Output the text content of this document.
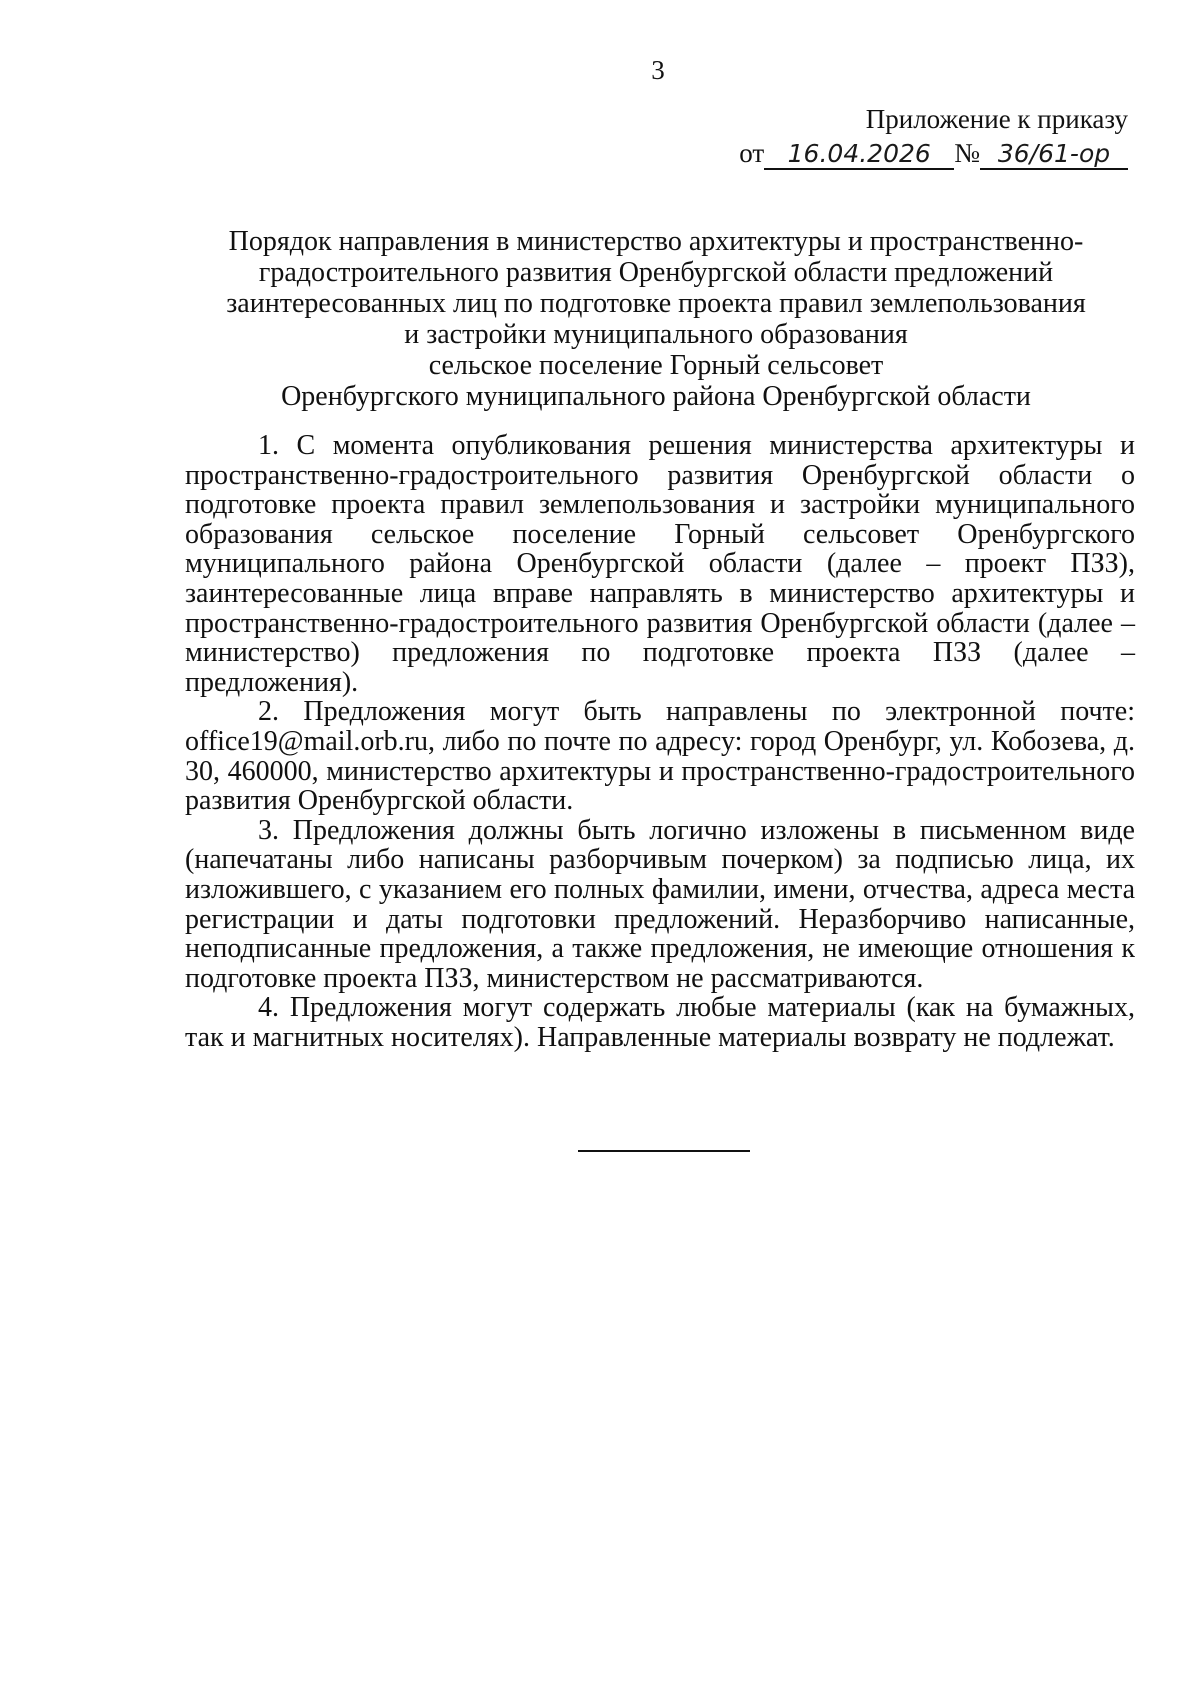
3
Приложение к приказу
от 16.04.2026 № 36/61-ор
Порядок направления в министерство архитектуры и пространственно-
градостроительного развития Оренбургской области предложений
заинтересованных лиц по подготовке проекта правил землепользования
и застройки муниципального образования
сельское поселение Горный сельсовет
Оренбургского муниципального района Оренбургской области

1. С момента опубликования решения министерства архитектуры и пространственно-градостроительного развития Оренбургской области о подготовке проекта правил землепользования и застройки муниципального образования сельское поселение Горный сельсовет Оренбургского муниципального района Оренбургской области (далее – проект ПЗЗ), заинтересованные лица вправе направлять в министерство архитектуры и пространственно-градостроительного развития Оренбургской области (далее – министерство) предложения по подготовке проекта ПЗЗ (далее – предложения).

2. Предложения могут быть направлены по электронной почте: office19@mail.orb.ru, либо по почте по адресу: город Оренбург, ул. Кобозева, д. 30, 460000, министерство архитектуры и пространственно-градостроительного развития Оренбургской области.

3. Предложения должны быть логично изложены в письменном виде (напечатаны либо написаны разборчивым почерком) за подписью лица, их изложившего, с указанием его полных фамилии, имени, отчества, адреса места регистрации и даты подготовки предложений. Неразборчиво написанные, неподписанные предложения, а также предложения, не имеющие отношения к подготовке проекта ПЗЗ, министерством не рассматриваются.

4. Предложения могут содержать любые материалы (как на бумажных, так и магнитных носителях). Направленные материалы возврату не подлежат.
